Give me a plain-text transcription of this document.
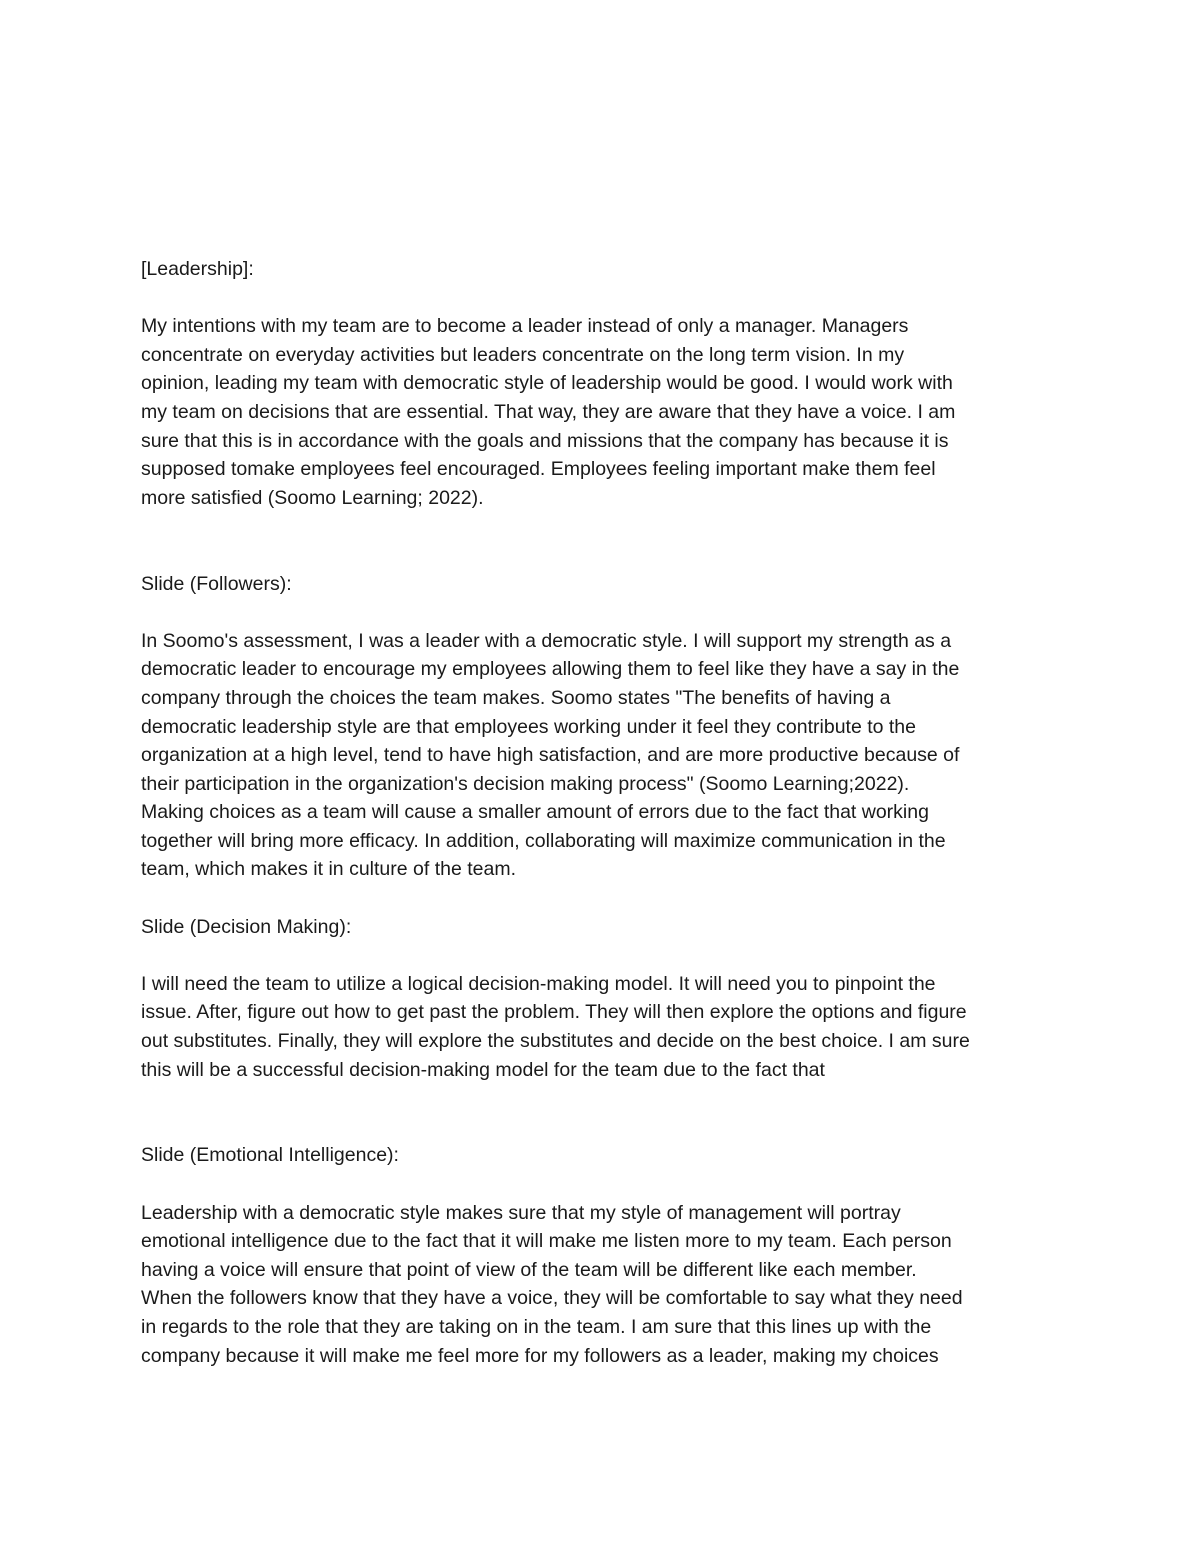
[Leadership]:

My intentions with my team are to become a leader instead of only a manager. Managers
concentrate on everyday activities but leaders concentrate on the long term vision. In my
opinion, leading my team with democratic style of leadership would be good. I would work with
my team on decisions that are essential. That way, they are aware that they have a voice. I am
sure that this is in accordance with the goals and missions that the company has because it is
supposed tomake employees feel encouraged. Employees feeling important make them feel
more satisfied (Soomo Learning; 2022).

Slide (Followers):

In Soomo's assessment, I was a leader with a democratic style. I will support my strength as a
democratic leader to encourage my employees allowing them to feel like they have a say in the
company through the choices the team makes. Soomo states "The benefits of having a
democratic leadership style are that employees working under it feel they contribute to the
organization at a high level, tend to have high satisfaction, and are more productive because of
their participation in the organization's decision making process" (Soomo Learning;2022).
Making choices as a team will cause a smaller amount of errors due to the fact that working
together will bring more efficacy. In addition, collaborating will maximize communication in the
team, which makes it in culture of the team.

Slide (Decision Making):

I will need the team to utilize a logical decision-making model. It will need you to pinpoint the
issue. After, figure out how to get past the problem. They will then explore the options and figure
out substitutes. Finally, they will explore the substitutes and decide on the best choice. I am sure
this will be a successful decision-making model for the team due to the fact that

Slide (Emotional Intelligence):

Leadership with a democratic style makes sure that my style of management will portray
emotional intelligence due to the fact that it will make me listen more to my team. Each person
having a voice will ensure that point of view of the team will be different like each member.
When the followers know that they have a voice, they will be comfortable to say what they need
in regards to the role that they are taking on in the team. I am sure that this lines up with the
company because it will make me feel more for my followers as a leader, making my choices
